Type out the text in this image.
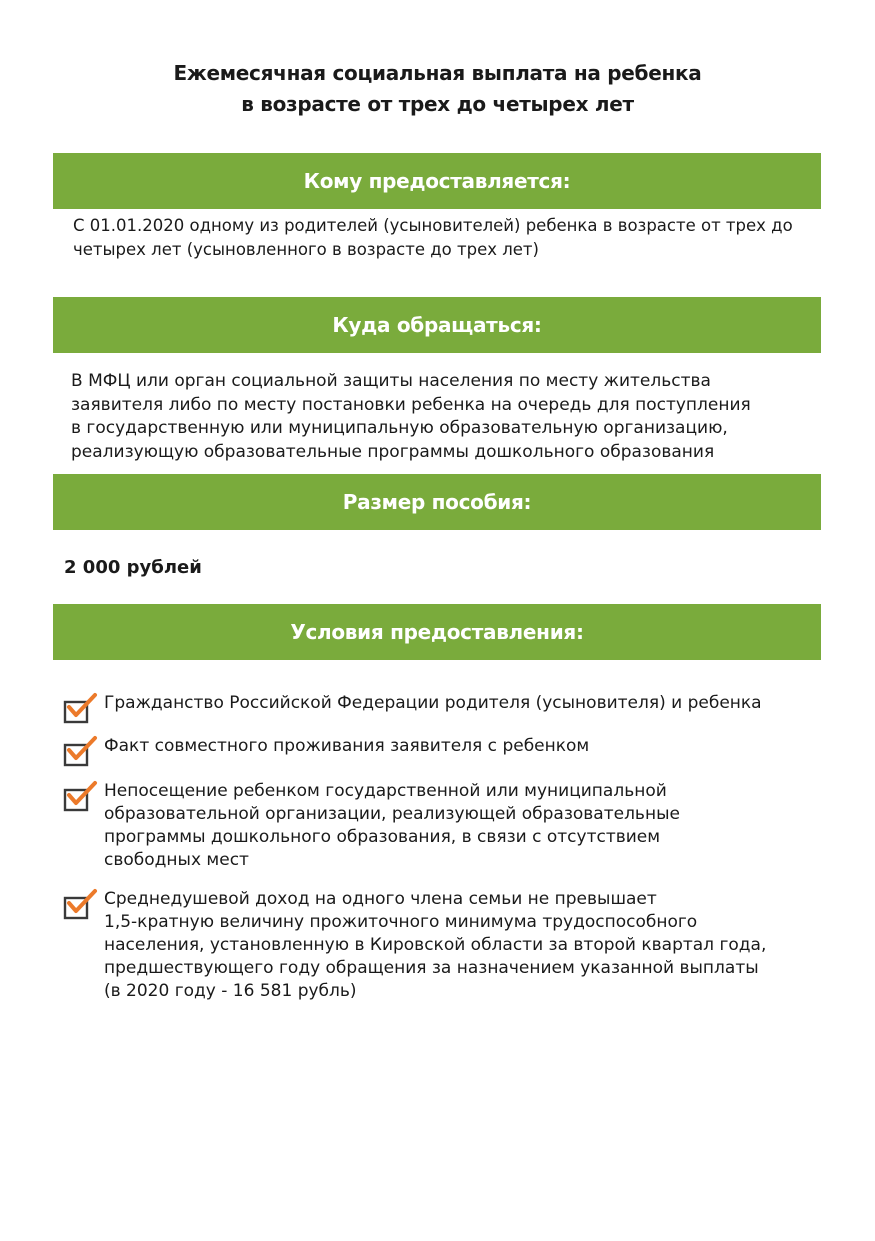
Ежемесячная социальная выплата на ребенка
в возрасте от трех до четырех лет
Кому предоставляется:
С 01.01.2020 одному из родителей (усыновителей) ребенка в возрасте от трех до
четырех лет (усыновленного в возрасте до трех лет)
Куда обращаться:
В МФЦ или орган социальной защиты населения по месту жительства
заявителя либо по месту постановки ребенка на очередь для поступления
в государственную или муниципальную образовательную организацию,
реализующую образовательные программы дошкольного образования
Размер пособия:
2 000 рублей
Условия предоставления:
Гражданство Российской Федерации родителя (усыновителя) и ребенка
Факт совместного проживания заявителя с ребенком
Непосещение ребенком государственной или муниципальной
образовательной организации, реализующей образовательные
программы дошкольного образования, в связи с отсутствием
свободных мест
Среднедушевой доход на одного члена семьи не превышает
1,5-кратную величину прожиточного минимума трудоспособного
населения, установленную в Кировской области за второй квартал года,
предшествующего году обращения за назначением указанной выплаты
(в 2020 году - 16 581 рубль)
